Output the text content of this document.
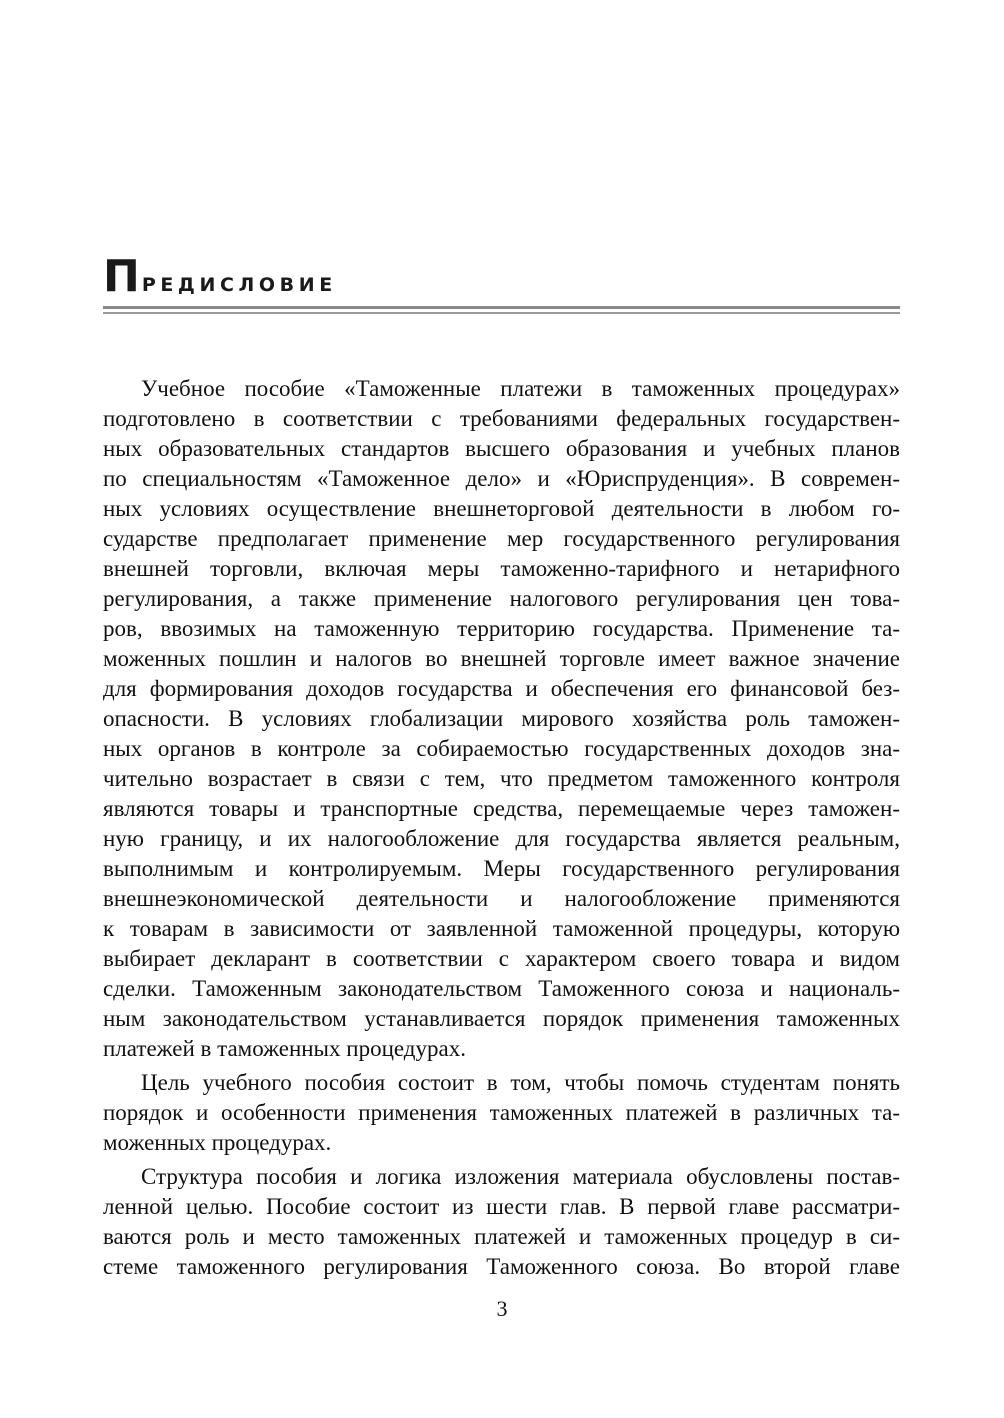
ПРЕДИСЛОВИЕ

Учебное пособие «Таможенные платежи в таможенных процедурах»
подготовлено в соответствии с требованиями федеральных государствен-
ных образовательных стандартов высшего образования и учебных планов
по специальностям «Таможенное дело» и «Юриспруденция». В современ-
ных условиях осуществление внешнеторговой деятельности в любом го-
сударстве предполагает применение мер государственного регулирования
внешней торговли, включая меры таможенно-тарифного и нетарифного
регулирования, а также применение налогового регулирования цен това-
ров, ввозимых на таможенную территорию государства. Применение та-
моженных пошлин и налогов во внешней торговле имеет важное значение
для формирования доходов государства и обеспечения его финансовой без-
опасности. В условиях глобализации мирового хозяйства роль таможен-
ных органов в контроле за собираемостью государственных доходов зна-
чительно возрастает в связи с тем, что предметом таможенного контроля
являются товары и транспортные средства, перемещаемые через таможен-
ную границу, и их налогообложение для государства является реальным,
выполнимым и контролируемым. Меры государственного регулирования
внешнеэкономической деятельности и налогообложение применяются
к товарам в зависимости от заявленной таможенной процедуры, которую
выбирает декларант в соответствии с характером своего товара и видом
сделки. Таможенным законодательством Таможенного союза и националь-
ным законодательством устанавливается порядок применения таможенных
платежей в таможенных процедурах.

Цель учебного пособия состоит в том, чтобы помочь студентам понять
порядок и особенности применения таможенных платежей в различных та-
моженных процедурах.

Структура пособия и логика изложения материала обусловлены постав-
ленной целью. Пособие состоит из шести глав. В первой главе рассматри-
ваются роль и место таможенных платежей и таможенных процедур в си-
стеме таможенного регулирования Таможенного союза. Во второй главе

3
